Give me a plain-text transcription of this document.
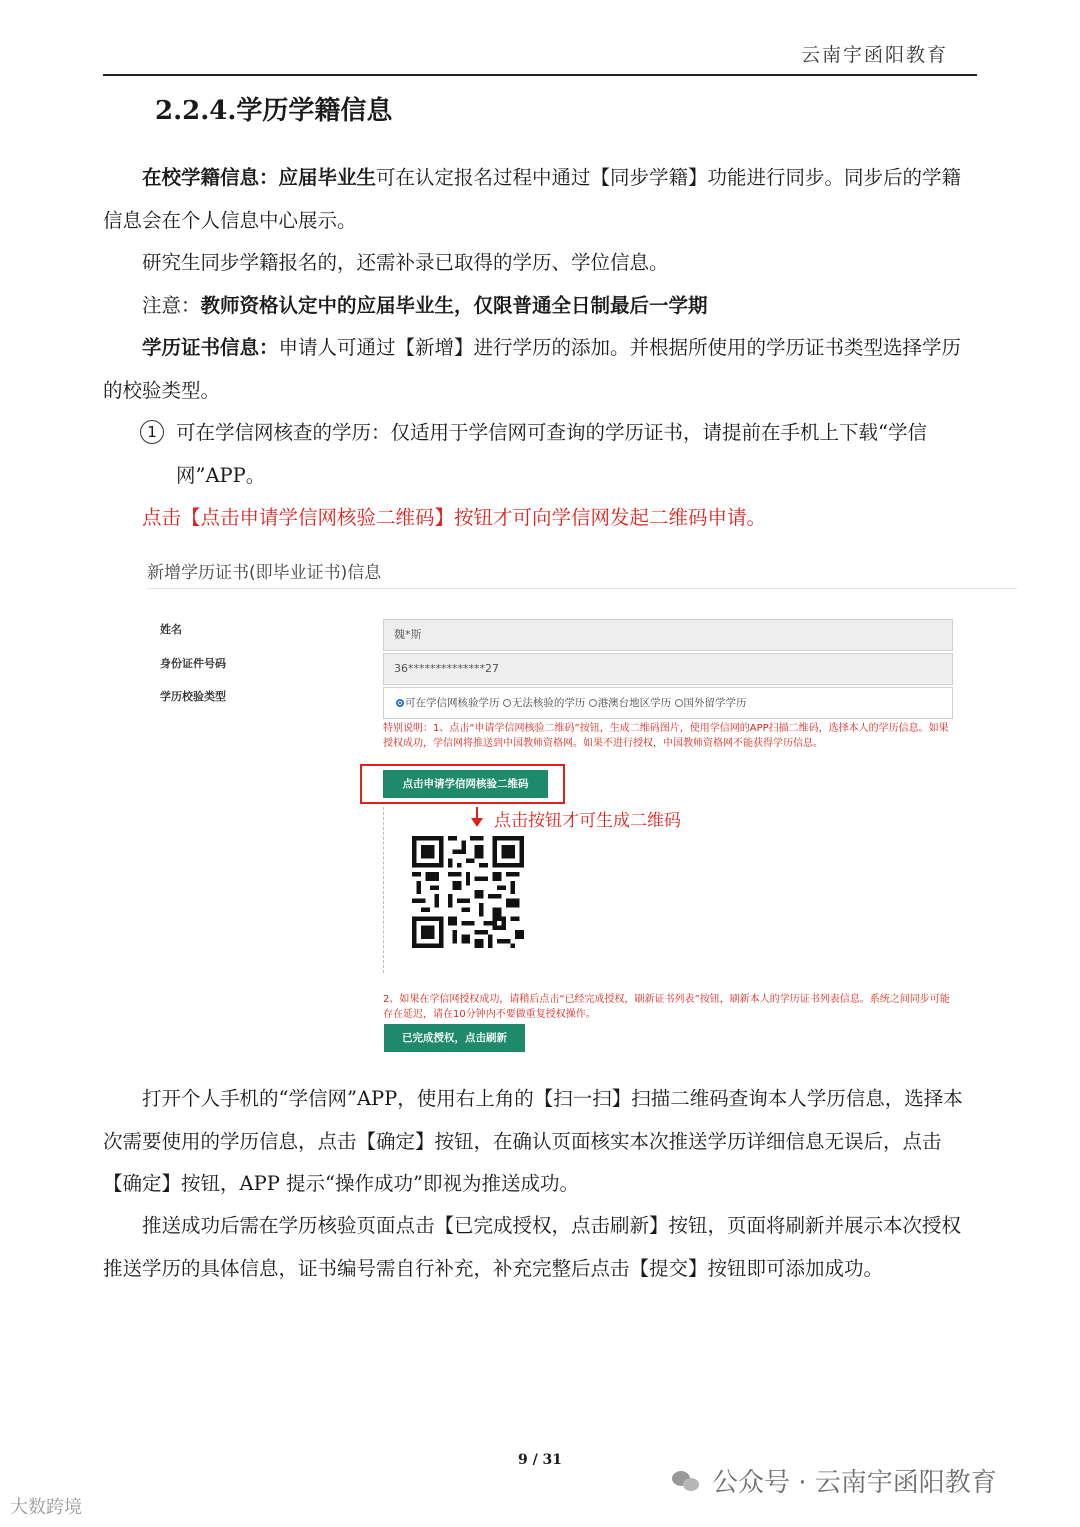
云南宇函阳教育
2.2.4.学历学籍信息
在校学籍信息：应届毕业生可在认定报名过程中通过【同步学籍】功能进行同步。同步后的学籍信息会在个人信息中心展示。
研究生同步学籍报名的，还需补录已取得的学历、学位信息。
注意：教师资格认定中的应届毕业生，仅限普通全日制最后一学期
学历证书信息：申请人可通过【新增】进行学历的添加。并根据所使用的学历证书类型选择学历的校验类型。
1 可在学信网核查的学历：仅适用于学信网可查询的学历证书，请提前在手机上下载“学信网”APP。
点击【点击申请学信网核验二维码】按钮才可向学信网发起二维码申请。
新增学历证书(即毕业证书)信息
姓名	魏*斯
身份证件号码	36**************27
学历校验类型	可在学信网核验学历 无法核验的学历 港澳台地区学历 国外留学学历
特别说明：1、点击“申请学信网核验二维码”按钮，生成二维码图片，使用学信网的APP扫描二维码，选择本人的学历信息。如果授权成功，学信网将推送到中国教师资格网。如果不进行授权，中国教师资格网不能获得学历信息。
点击申请学信网核验二维码
点击按钮才可生成二维码
2、如果在学信网授权成功，请稍后点击“已经完成授权，刷新证书列表”按钮，刷新本人的学历证书列表信息。系统之间同步可能存在延迟，请在10分钟内不要做重复授权操作。
已完成授权，点击刷新
打开个人手机的“学信网”APP，使用右上角的【扫一扫】扫描二维码查询本人学历信息，选择本次需要使用的学历信息，点击【确定】按钮，在确认页面核实本次推送学历详细信息无误后，点击【确定】按钮，APP 提示“操作成功”即视为推送成功。
推送成功后需在学历核验页面点击【已完成授权，点击刷新】按钮，页面将刷新并展示本次授权推送学历的具体信息，证书编号需自行补充，补充完整后点击【提交】按钮即可添加成功。
9 / 31
公众号 · 云南宇函阳教育
大数跨境
